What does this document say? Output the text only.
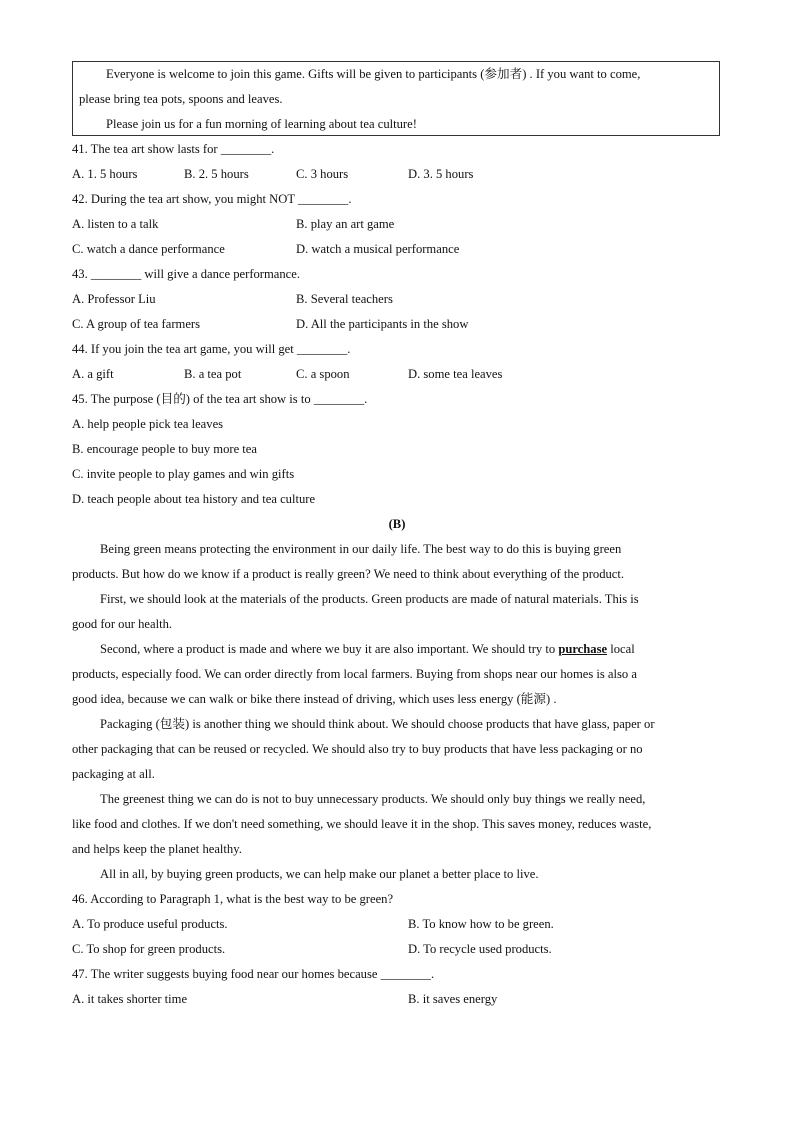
Everyone is welcome to join this game. Gifts will be given to participants (参加者) . If you want to come,
please bring tea pots, spoons and leaves.
Please join us for a fun morning of learning about tea culture!
41. The tea art show lasts for ________.
A. 1. 5 hours	B. 2. 5 hours	C. 3 hours	D. 3. 5 hours
42. During the tea art show, you might NOT ________.
A. listen to a talk	B. play an art game
C. watch a dance performance	D. watch a musical performance
43. ________ will give a dance performance.
A. Professor Liu	B. Several teachers
C. A group of tea farmers	D. All the participants in the show
44. If you join the tea art game, you will get ________.
A. a gift	B. a tea pot	C. a spoon	D. some tea leaves
45. The purpose (目的) of the tea art show is to ________.
A. help people pick tea leaves
B. encourage people to buy more tea
C. invite people to play games and win gifts
D. teach people about tea history and tea culture
(B)
Being green means protecting the environment in our daily life. The best way to do this is buying green
products. But how do we know if a product is really green? We need to think about everything of the product.
First, we should look at the materials of the products. Green products are made of natural materials. This is
good for our health.
Second, where a product is made and where we buy it are also important. We should try to purchase local
products, especially food. We can order directly from local farmers. Buying from shops near our homes is also a
good idea, because we can walk or bike there instead of driving, which uses less energy (能源) .
Packaging (包装) is another thing we should think about. We should choose products that have glass, paper or
other packaging that can be reused or recycled. We should also try to buy products that have less packaging or no
packaging at all.
The greenest thing we can do is not to buy unnecessary products. We should only buy things we really need,
like food and clothes. If we don't need something, we should leave it in the shop. This saves money, reduces waste,
and helps keep the planet healthy.
All in all, by buying green products, we can help make our planet a better place to live.
46. According to Paragraph 1, what is the best way to be green?
A. To produce useful products.	B. To know how to be green.
C. To shop for green products.	D. To recycle used products.
47. The writer suggests buying food near our homes because ________.
A. it takes shorter time	B. it saves energy
